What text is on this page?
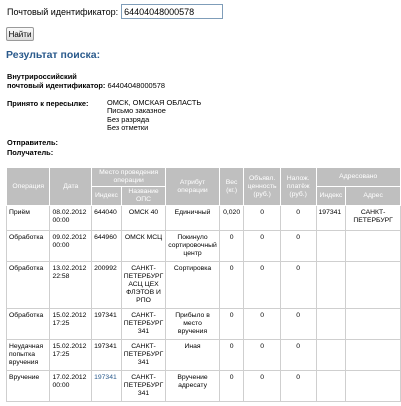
Почтовый идентификатор:
64404048000578
Найти
Результат поиска:
Внутрироссийский
почтовый идентификатор: 64404048000578
Принято к пересылке:	ОМСК, ОМСКАЯ ОБЛАСТЬ
Письмо заказное
Без разряда
Без отметки
Отправитель:
Получатель:
Операция	Дата	Место проведения операции		Атрибут операции	Вес (кг.)	Объявл. ценность (руб.)	Налож. платёж (руб.)	Адресовано	
		Индекс	Название ОПС					Индекс	Адрес
Приём	08.02.2012 00:00	644040	ОМСК 40	Единичный	0,020	0	0	197341	САНКТ-ПЕТЕРБУРГ
Обработка	09.02.2012 00:00	644960	ОМСК МСЦ	Покинуло сортировочный центр	0	0	0		
Обработка	13.02.2012 22:58	200992	САНКТ-ПЕТЕРБУРГ АСЦ ЦЕХ ФЛЭТОВ И РПО	Сортировка	0	0	0		
Обработка	15.02.2012 17:25	197341	САНКТ-ПЕТЕРБУРГ 341	Прибыло в место вручения	0	0	0		
Неудачная попытка вручения	15.02.2012 17:25	197341	САНКТ-ПЕТЕРБУРГ 341	Иная	0	0	0		
Вручение	17.02.2012 00:00	197341	САНКТ-ПЕТЕРБУРГ 341	Вручение адресату	0	0	0		
